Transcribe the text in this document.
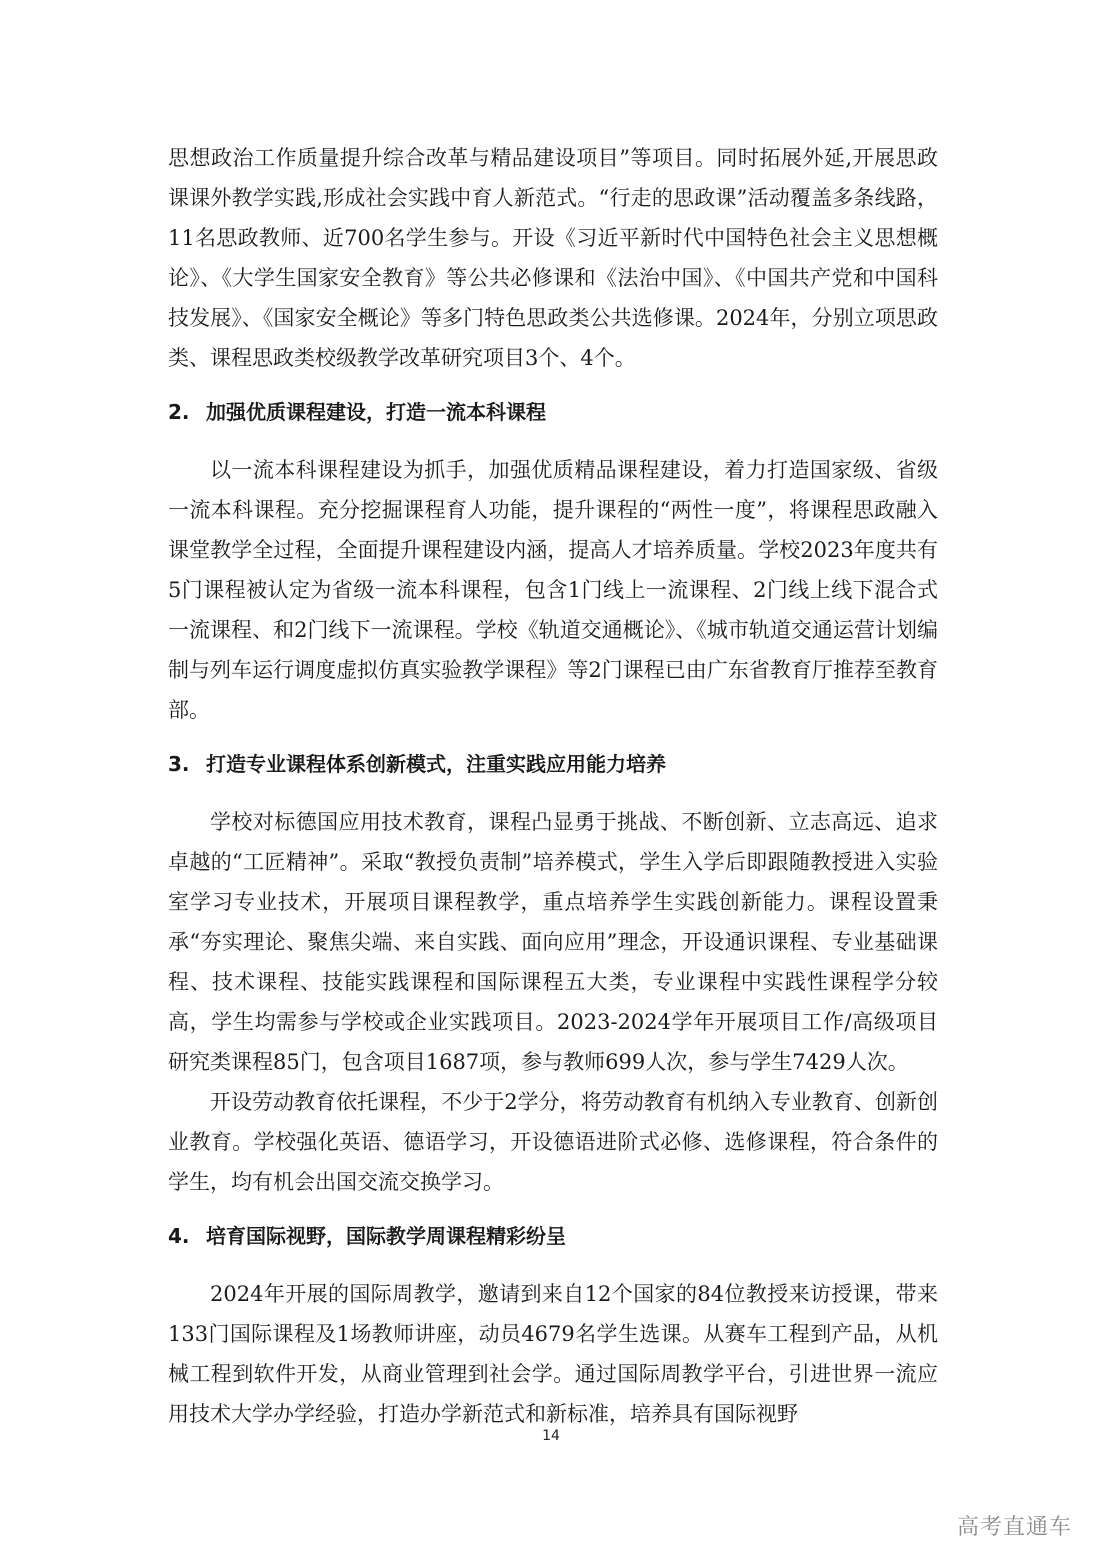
思想政治工作质量提升综合改革与精品建设项目”等项目。同时拓展外延,开展思政课课外教学实践,形成社会实践中育人新范式。“行走的思政课”活动覆盖多条线路，11名思政教师、近700名学生参与。开设《习近平新时代中国特色社会主义思想概论》、《大学生国家安全教育》等公共必修课和《法治中国》、《中国共产党和中国科技发展》、《国家安全概论》等多门特色思政类公共选修课。2024年，分别立项思政类、课程思政类校级教学改革研究项目3个、4个。

2. 加强优质课程建设，打造一流本科课程

以一流本科课程建设为抓手，加强优质精品课程建设，着力打造国家级、省级一流本科课程。充分挖掘课程育人功能，提升课程的“两性一度”，将课程思政融入课堂教学全过程，全面提升课程建设内涵，提高人才培养质量。学校2023年度共有5门课程被认定为省级一流本科课程，包含1门线上一流课程、2门线上线下混合式一流课程、和2门线下一流课程。学校《轨道交通概论》、《城市轨道交通运营计划编制与列车运行调度虚拟仿真实验教学课程》等2门课程已由广东省教育厅推荐至教育部。

3. 打造专业课程体系创新模式，注重实践应用能力培养

学校对标德国应用技术教育，课程凸显勇于挑战、不断创新、立志高远、追求卓越的“工匠精神”。采取“教授负责制”培养模式，学生入学后即跟随教授进入实验室学习专业技术，开展项目课程教学，重点培养学生实践创新能力。课程设置秉承“夯实理论、聚焦尖端、来自实践、面向应用”理念，开设通识课程、专业基础课程、技术课程、技能实践课程和国际课程五大类，专业课程中实践性课程学分较高，学生均需参与学校或企业实践项目。2023-2024学年开展项目工作/高级项目研究类课程85门，包含项目1687项，参与教师699人次，参与学生7429人次。

开设劳动教育依托课程，不少于2学分，将劳动教育有机纳入专业教育、创新创业教育。学校强化英语、德语学习，开设德语进阶式必修、选修课程，符合条件的学生，均有机会出国交流交换学习。

4. 培育国际视野，国际教学周课程精彩纷呈

2024年开展的国际周教学，邀请到来自12个国家的84位教授来访授课，带来133门国际课程及1场教师讲座，动员4679名学生选课。从赛车工程到产品，从机械工程到软件开发，从商业管理到社会学。通过国际周教学平台，引进世界一流应用技术大学办学经验，打造办学新范式和新标准，培养具有国际视野

14
高考直通车
